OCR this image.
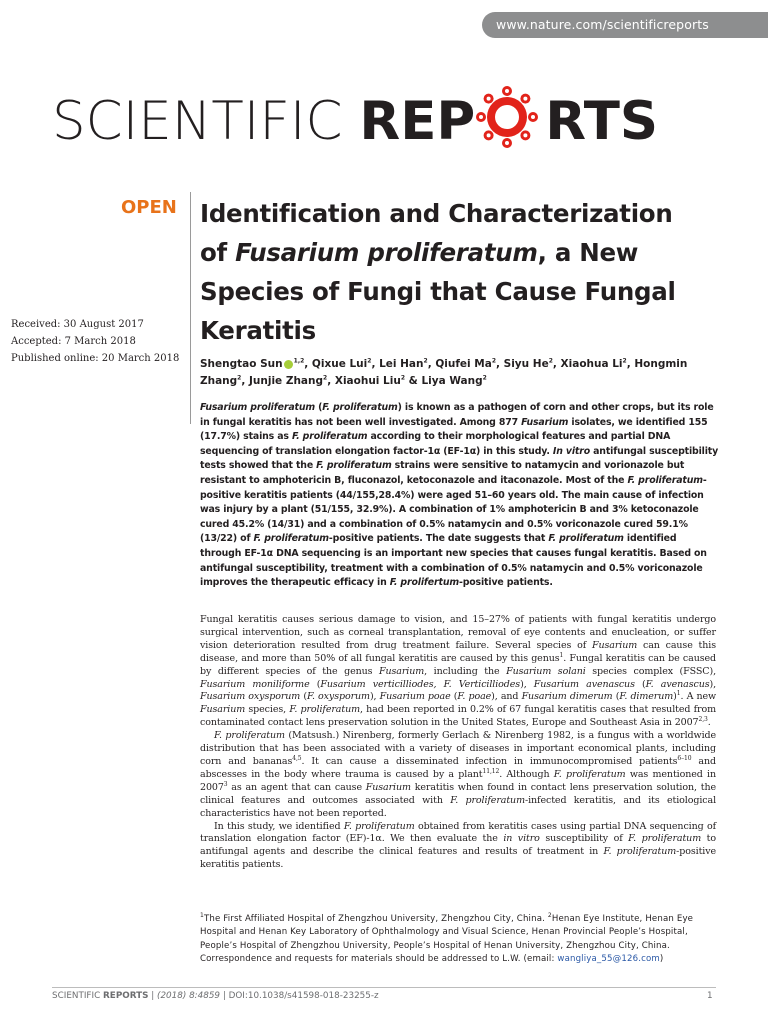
www.nature.com/scientificreports
SCIENTIFIC REP RTS
OPEN
Received: 30 August 2017
Accepted: 7 March 2018
Published online: 20 March 2018
Identification and Characterization
of Fusarium proliferatum, a New
Species of Fungi that Cause Fungal
Keratitis
Shengtao Sun $^{1,2}$, Qixue Lui$^2$, Lei Han$^2$, Qiufei Ma$^2$, Siyu He$^2$, Xiaohua Li$^2$, Hongmin Zhang$^2$, Junjie Zhang$^2$, Xiaohui Liu$^2$ & Liya Wang$^2$
Fusarium proliferatum (F. proliferatum) is known as a pathogen of corn and other crops, but its role in fungal keratitis has not been well investigated. Among 877 Fusarium isolates, we identified 155 (17.7%) stains as F. proliferatum according to their morphological features and partial DNA sequencing of translation elongation factor-1α (EF-1α) in this study. In vitro antifungal susceptibility tests showed that the F. proliferatum strains were sensitive to natamycin and vorionazole but resistant to amphotericin B, fluconazol, ketoconazole and itaconazole. Most of the F. proliferatum-positive keratitis patients (44/155,28.4%) were aged 51–60 years old. The main cause of infection was injury by a plant (51/155, 32.9%). A combination of 1% amphotericin B and 3% ketoconazole cured 45.2% (14/31) and a combination of 0.5% natamycin and 0.5% voriconazole cured 59.1% (13/22) of F. proliferatum-positive patients. The date suggests that F. proliferatum identified through EF-1α DNA sequencing is an important new species that causes fungal keratitis. Based on antifungal susceptibility, treatment with a combination of 0.5% natamycin and 0.5% voriconazole improves the therapeutic efficacy in F. prolifertum-positive patients.

Fungal keratitis causes serious damage to vision, and 15–27% of patients with fungal keratitis undergo surgical intervention, such as corneal transplantation, removal of eye contents and enucleation, or suffer vision deterioration resulted from drug treatment failure. Several species of Fusarium can cause this disease, and more than 50% of all fungal keratitis are caused by this genus$^1$. Fungal keratitis can be caused by different species of the genus Fusarium, including the Fusarium solani species complex (FSSC), Fusarium moniliforme (Fusarium verticilliodes, F. Verticilliodes), Fusarium avenascus (F. avenascus), Fusarium oxysporum (F. oxysporum), Fusarium poae (F. poae), and Fusarium dimerum (F. dimerum)$^1$. A new Fusarium species, F. proliferatum, had been reported in 0.2% of 67 fungal keratitis cases that resulted from contaminated contact lens preservation solution in the United States, Europe and Southeast Asia in 2007$^{2,3}$.

F. proliferatum (Matsush.) Nirenberg, formerly Gerlach & Nirenberg 1982, is a fungus with a worldwide distribution that has been associated with a variety of diseases in important economical plants, including corn and bananas$^{4,5}$. It can cause a disseminated infection in immunocompromised patients$^{6-10}$ and abscesses in the body where trauma is caused by a plant$^{11,12}$. Although F. proliferatum was mentioned in 2007$^3$ as an agent that can cause Fusarium keratitis when found in contact lens preservation solution, the clinical features and outcomes associated with F. proliferatum-infected keratitis, and its etiological characteristics have not been reported.

In this study, we identified F. proliferatum obtained from keratitis cases using partial DNA sequencing of translation elongation factor (EF)-1α. We then evaluate the in vitro susceptibility of F. proliferatum to antifungal agents and describe the clinical features and results of treatment in F. proliferatum-positive keratitis patients.

$^1$The First Affiliated Hospital of Zhengzhou University, Zhengzhou City, China. $^2$Henan Eye Institute, Henan Eye Hospital and Henan Key Laboratory of Ophthalmology and Visual Science, Henan Provincial People’s Hospital, People’s Hospital of Zhengzhou University, People’s Hospital of Henan University, Zhengzhou City, China. Correspondence and requests for materials should be addressed to L.W. (email: wangliya_55@126.com)
SCIENTIFIC REPORTS | (2018) 8:4859 | DOI:10.1038/s41598-018-23255-z	1
